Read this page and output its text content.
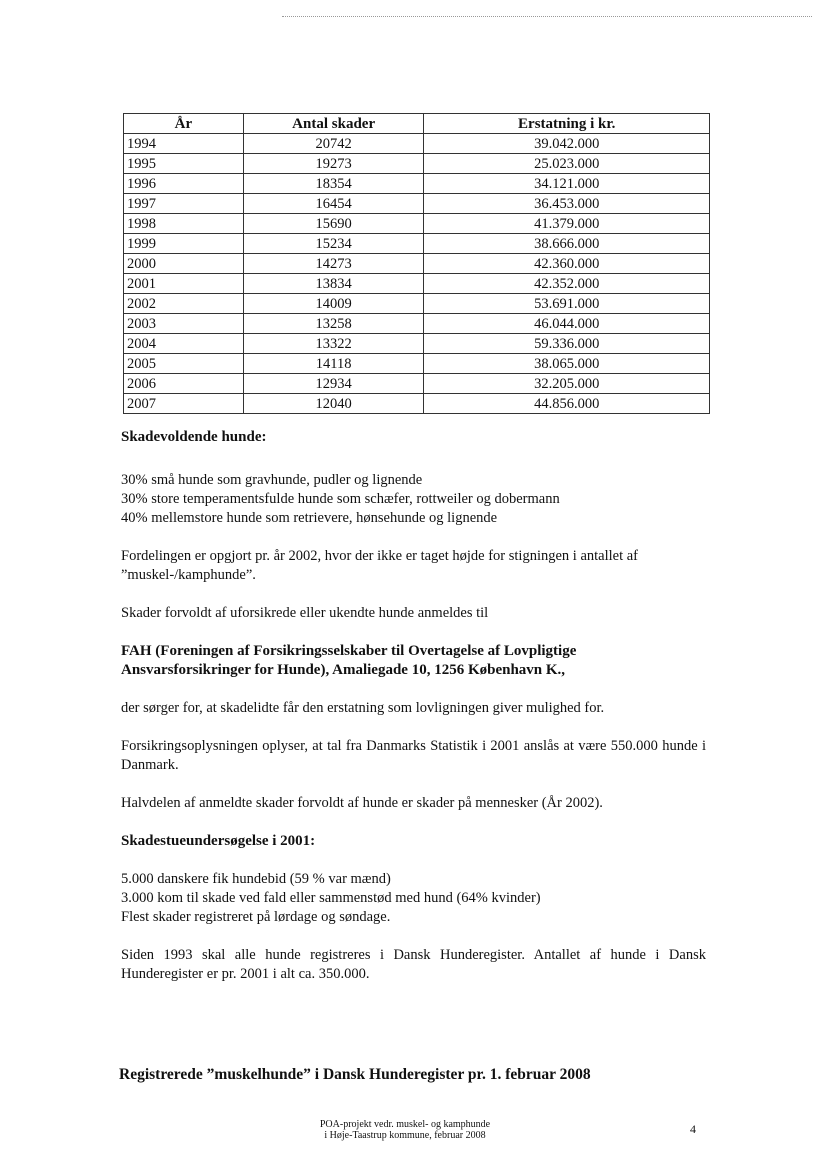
År	Antal skader	Erstatning i kr.
1994	20742	39.042.000
1995	19273	25.023.000
1996	18354	34.121.000
1997	16454	36.453.000
1998	15690	41.379.000
1999	15234	38.666.000
2000	14273	42.360.000
2001	13834	42.352.000
2002	14009	53.691.000
2003	13258	46.044.000
2004	13322	59.336.000
2005	14118	38.065.000
2006	12934	32.205.000
2007	12040	44.856.000

Skadevoldende hunde:

30% små hunde som gravhunde, pudler og lignende

30% store temperamentsfulde hunde som schæfer, rottweiler og dobermann

40% mellemstore hunde som retrievere, hønsehunde og lignende

Fordelingen er opgjort pr. år 2002, hvor der ikke er taget højde for stigningen i antallet af ”muskel-/kamphunde”.

Skader forvoldt af uforsikrede eller ukendte hunde anmeldes til

FAH (Foreningen af Forsikringsselskaber til Overtagelse af Lovpligtige Ansvarsforsikringer for Hunde), Amaliegade 10, 1256 København K.,

der sørger for, at skadelidte får den erstatning som lovligningen giver mulighed for.

Forsikringsoplysningen oplyser, at tal fra Danmarks Statistik i 2001 anslås at være 550.000 hunde i Danmark.

Halvdelen af anmeldte skader forvoldt af hunde er skader på mennesker (År 2002).

Skadestueundersøgelse i 2001:

5.000 danskere fik hundebid (59 % var mænd)

3.000 kom til skade ved fald eller sammenstød med hund (64% kvinder)

Flest skader registreret på lørdage og søndage.

Siden 1993 skal alle hunde registreres i Dansk Hunderegister. Antallet af hunde i Dansk Hunderegister er pr. 2001 i alt ca. 350.000.

Registrerede ”muskelhunde” i Dansk Hunderegister pr. 1. februar 2008
POA-projekt vedr. muskel- og kamphunde
i Høje-Taastrup kommune, februar 2008	4
